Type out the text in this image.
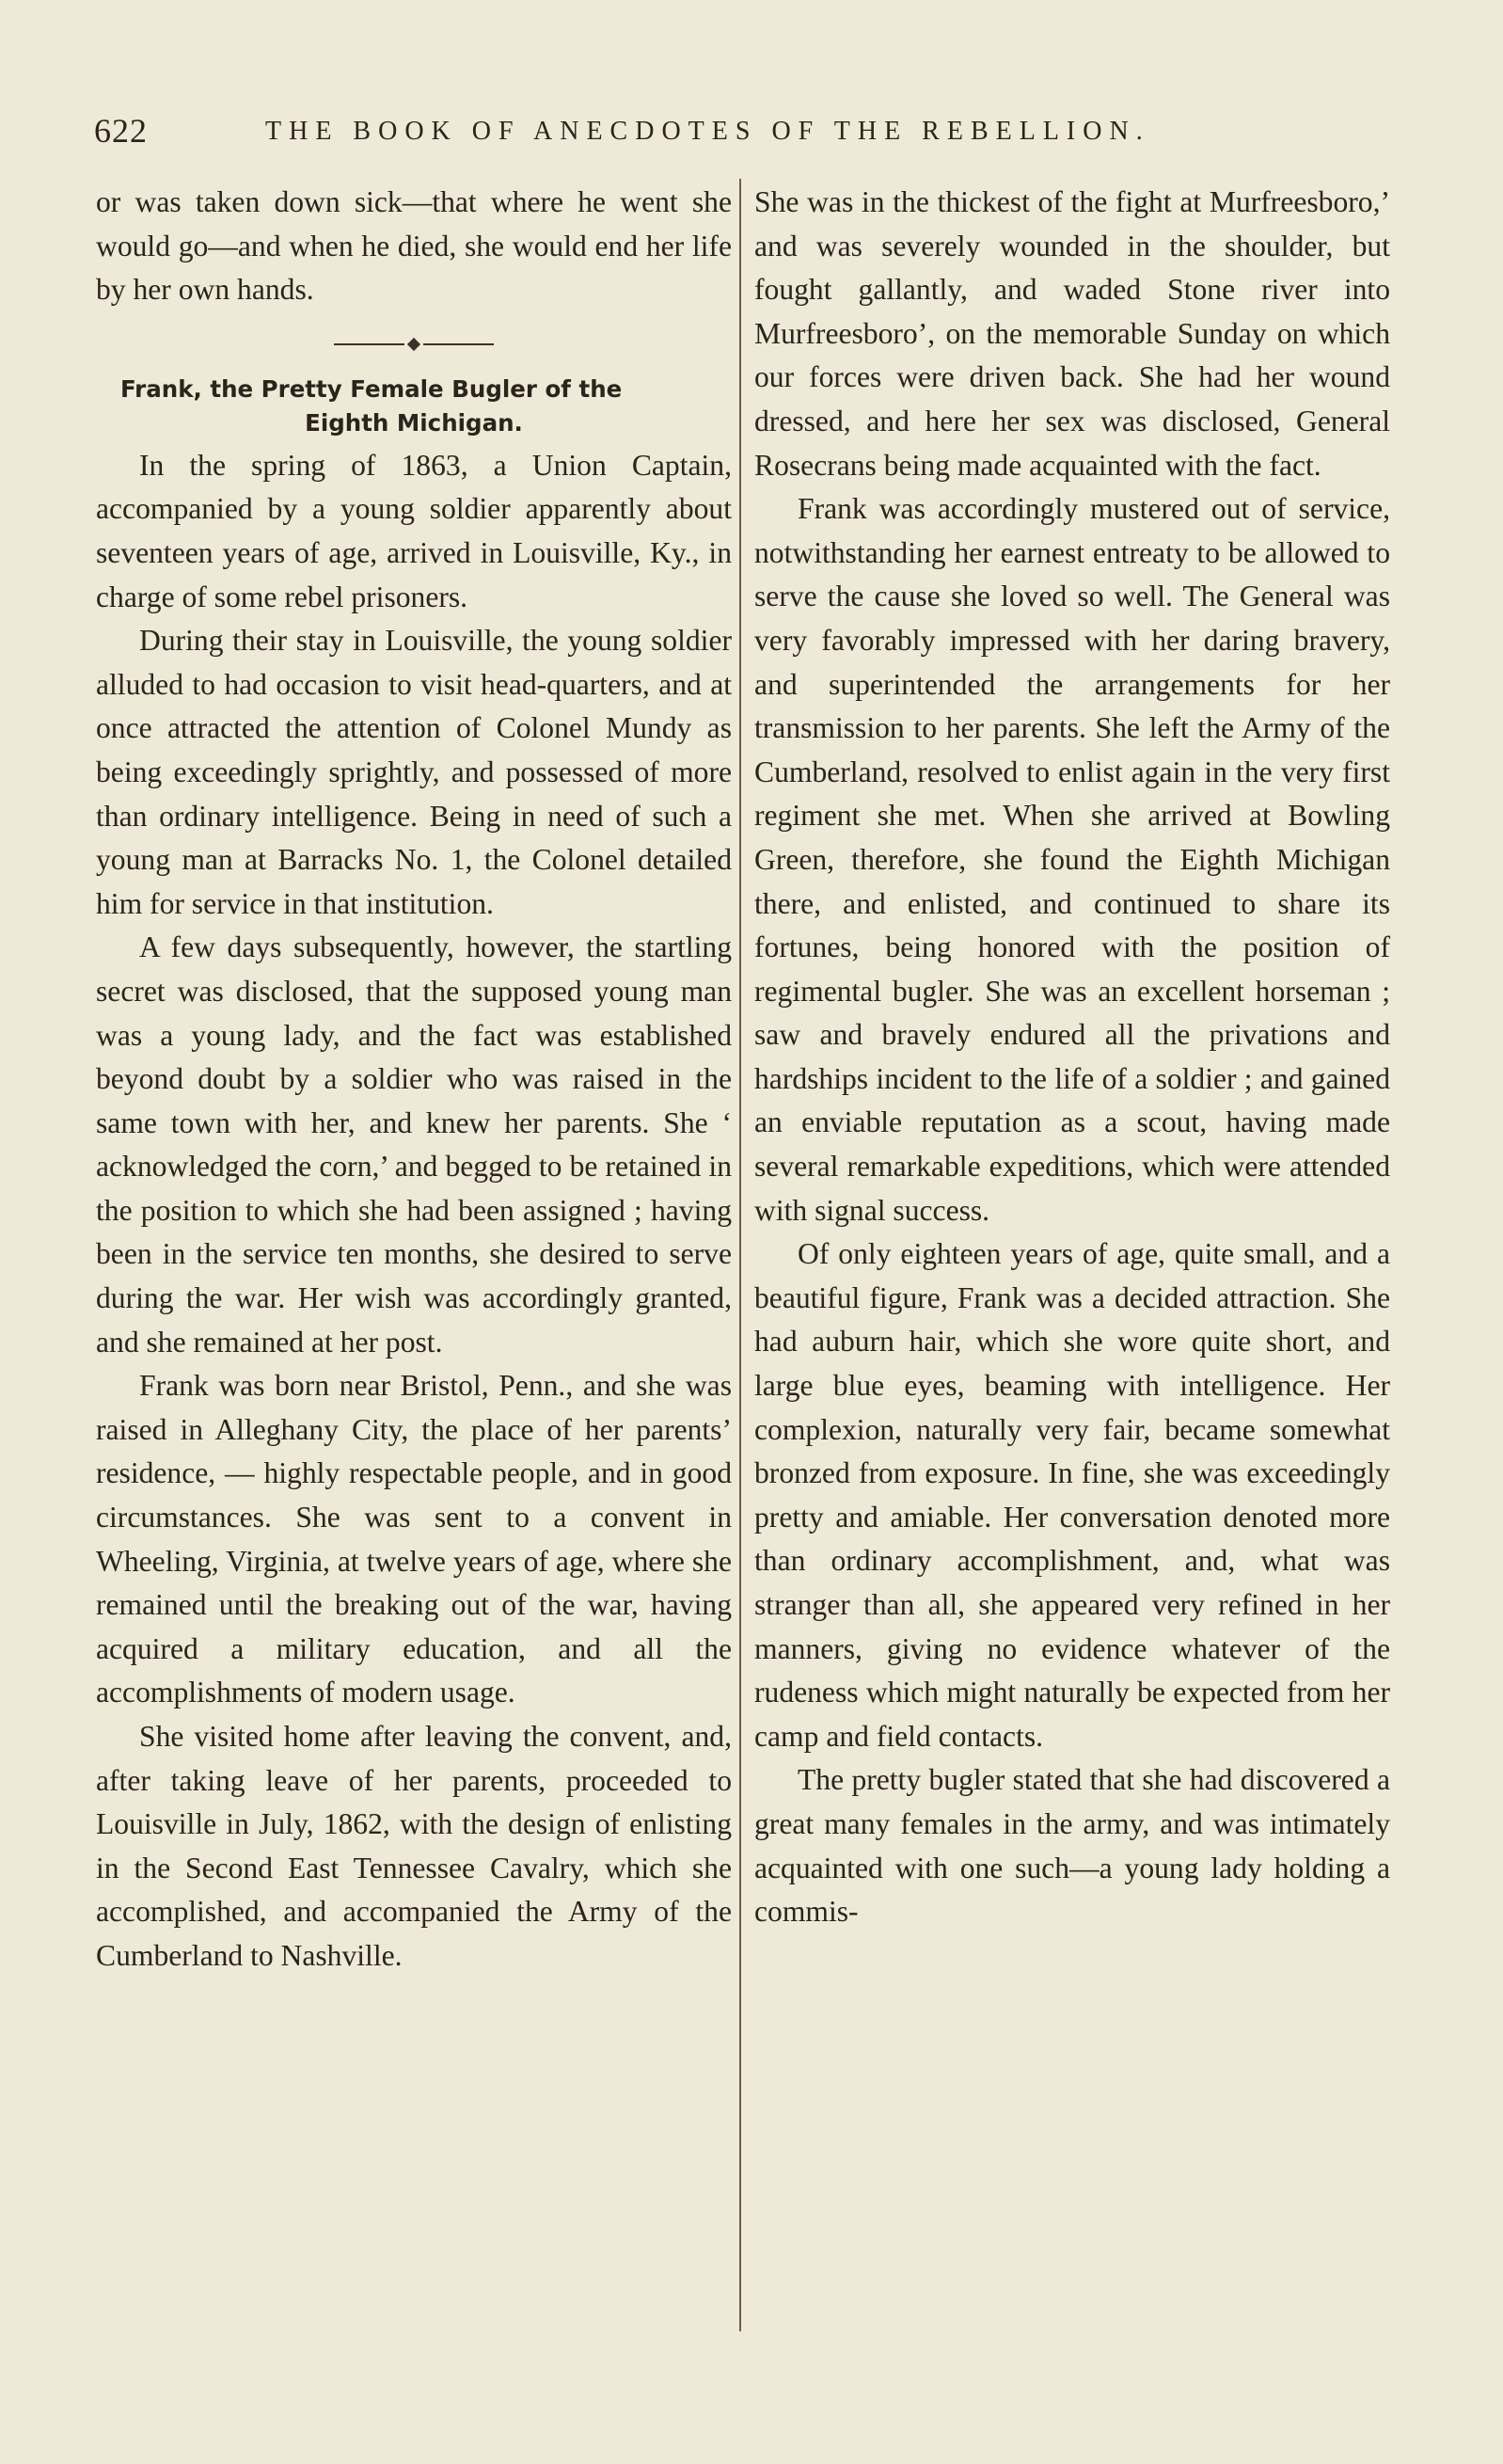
622	THE BOOK OF ANECDOTES OF THE REBELLION.

or was taken down sick—that where he went she would go—and when he died, she would end her life by her own hands.

Frank, the Pretty Female Bugler of the
Eighth Michigan.

In the spring of 1863, a Union Captain, accompanied by a young soldier apparently about seventeen years of age, arrived in Louisville, Ky., in charge of some rebel prisoners.

During their stay in Louisville, the young soldier alluded to had occasion to visit head-quarters, and at once attracted the attention of Colonel Mundy as being exceedingly sprightly, and possessed of more than ordinary intelligence. Being in need of such a young man at Barracks No. 1, the Colonel detailed him for service in that institution.

A few days subsequently, however, the startling secret was disclosed, that the supposed young man was a young lady, and the fact was established beyond doubt by a soldier who was raised in the same town with her, and knew her parents. She ‘ acknowledged the corn,’ and begged to be retained in the position to which she had been assigned ; having been in the service ten months, she desired to serve during the war. Her wish was accordingly granted, and she remained at her post.

Frank was born near Bristol, Penn., and she was raised in Alleghany City, the place of her parents’ residence, — highly respectable people, and in good circumstances. She was sent to a convent in Wheeling, Virginia, at twelve years of age, where she remained until the breaking out of the war, having acquired a military education, and all the accomplishments of modern usage.

She visited home after leaving the convent, and, after taking leave of her parents, proceeded to Louisville in July, 1862, with the design of enlisting in the Second East Tennessee Cavalry, which she accomplished, and accompanied the Army of the Cumberland to Nashville.

She was in the thickest of the fight at Murfreesboro,’ and was severely wounded in the shoulder, but fought gallantly, and waded Stone river into Murfreesboro’, on the memorable Sunday on which our forces were driven back. She had her wound dressed, and here her sex was disclosed, General Rosecrans being made acquainted with the fact.

Frank was accordingly mustered out of service, notwithstanding her earnest entreaty to be allowed to serve the cause she loved so well. The General was very favorably impressed with her daring bravery, and superintended the arrangements for her transmission to her parents. She left the Army of the Cumberland, resolved to enlist again in the very first regiment she met. When she arrived at Bowling Green, therefore, she found the Eighth Michigan there, and enlisted, and continued to share its fortunes, being honored with the position of regimental bugler. She was an excellent horseman ; saw and bravely endured all the privations and hardships incident to the life of a soldier ; and gained an enviable reputation as a scout, having made several remarkable expeditions, which were attended with signal success.

Of only eighteen years of age, quite small, and a beautiful figure, Frank was a decided attraction. She had auburn hair, which she wore quite short, and large blue eyes, beaming with intelligence. Her complexion, naturally very fair, became somewhat bronzed from exposure. In fine, she was exceedingly pretty and amiable. Her conversation denoted more than ordinary accomplishment, and, what was stranger than all, she appeared very refined in her manners, giving no evidence whatever of the rudeness which might naturally be expected from her camp and field contacts.

The pretty bugler stated that she had discovered a great many females in the army, and was intimately acquainted with one such—a young lady holding a commis-
